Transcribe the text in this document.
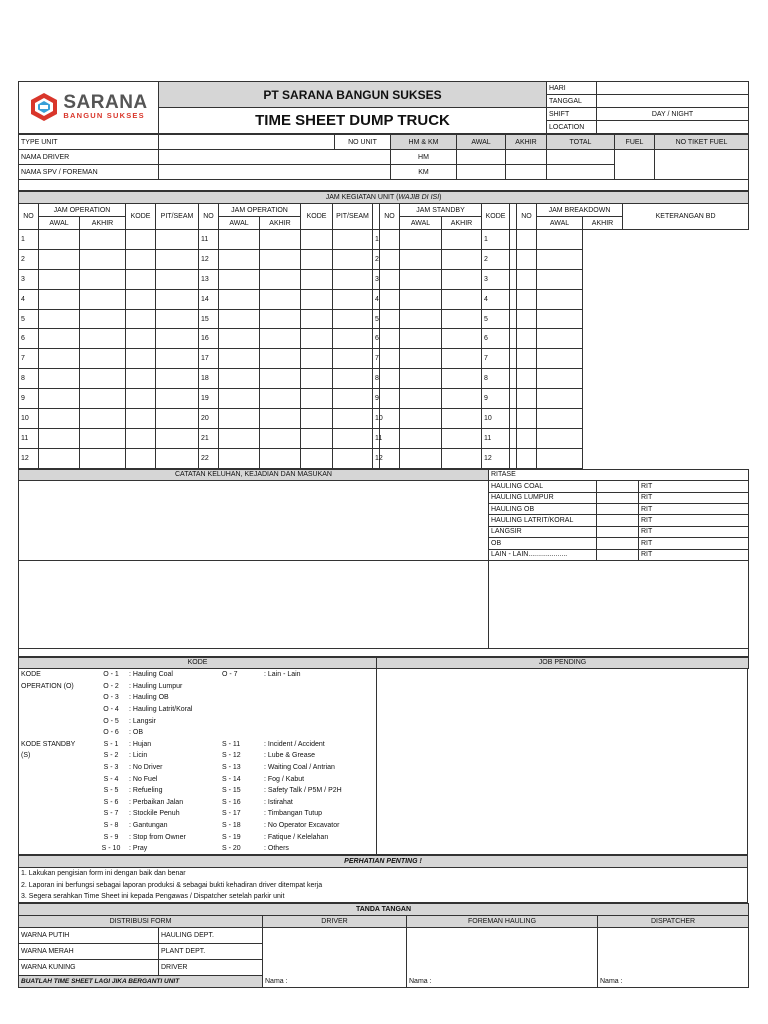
SARANA
BANGUN SUKSES	PT SARANA BANGUN SUKSES	HARI	
		TANGGAL	
	TIME SHEET DUMP TRUCK	SHIFT	DAY / NIGHT
		LOCATION	
TYPE UNIT		NO UNIT	HM & KM	AWAL	AKHIR	TOTAL	FUEL	NO TIKET FUEL
NAMA DRIVER			HM					
NAMA SPV / FOREMAN			KM					

JAM KEGIATAN UNIT (WAJIB DI ISI)																			
NO	JAM OPERATION		KODE	PIT/SEAM	NO	JAM OPERATION		KODE	PIT/SEAM		NO	JAM STANDBY		KODE		NO	JAM BREAKDOWN		KETERANGAN BD
	AWAL	AKHIR				AWAL	AKHIR					AWAL	AKHIR				AWAL	AKHIR	
1					11					1				1					
2					12					2				2					
3					13					3				3					
4					14					4				4					
5					15					5				5					
6					16					6				6					
7					17					7				7					
8					18					8				8					
9					19					9				9					
10					20					10				10					
11					21					11				11					
12					22					12				12					
CATATAN KELUHAN, KEJADIAN DAN MASUKAN	RITASE		
	HAULING COAL		RIT
	HAULING LUMPUR		RIT
	HAULING OB		RIT
	HAULING LATRIT/KORAL		RIT
	LANGSIR		RIT
	OB		RIT
	LAIN - LAIN....................		RIT

KODE	JOB PENDING
KODE	O - 1	: Hauling Coal	O - 7	: Lain - Lain
OPERATION (O)	O - 2	: Hauling Lumpur		
	O - 3	: Hauling OB		
	O - 4	: Hauling Latrit/Koral		
	O - 5	: Langsir		
	O - 6	: OB		
KODE STANDBY	S - 1	: Hujan	S - 11	: Incident / Accident
(S)	S - 2	: Licin	S - 12	: Lube & Grease
	S - 3	: No Driver	S - 13	: Waiting Coal / Antrian
	S - 4	: No Fuel	S - 14	: Fog / Kabut
	S - 5	: Refueling	S - 15	: Safety Talk / P5M / P2H
	S - 6	: Perbaikan Jalan	S - 16	: Istirahat
	S - 7	: Stockile Penuh	S - 17	: Timbangan Tutup
	S - 8	: Gantungan	S - 18	: No Operator Excavator
	S - 9	: Stop from Owner	S - 19	: Fatique / Kelelahan
	S - 10	: Pray	S - 20	: Others
PERHATIAN PENTING !
1. Lakukan pengisian form ini dengan baik dan benar
2. Laporan ini berfungsi sebagai laporan produksi & sebagai bukti kehadiran driver ditempat kerja
3. Segera serahkan Time Sheet ini kepada Pengawas / Dispatcher setelah parkir unit
TANDA TANGAN				
DISTRIBUSI FORM		DRIVER	FOREMAN HAULING	DISPATCHER
WARNA PUTIH	HAULING DEPT.			
WARNA MERAH	PLANT DEPT.			
WARNA KUNING	DRIVER			
BUATLAH TIME SHEET LAGI JIKA BERGANTI UNIT		Nama :	Nama :	Nama :
